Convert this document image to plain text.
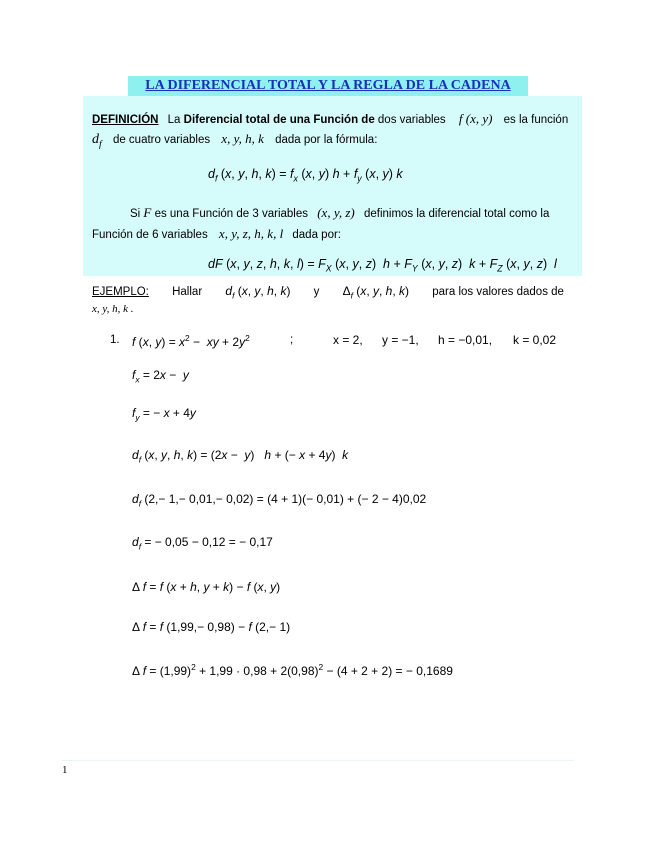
LA DIFERENCIAL TOTAL Y LA REGLA DE LA CADENA
DEFINICIÓN La Diferencial total de una Función de dos variables f (x, y) es la función
$d_f$ de cuatro variables x, y, h, k dada por la fórmula:
$d_f$ (x, y, h, $k) = f_x$ (x, y) $h + f_y$ (x, y) k
Si F es una Función de 3 variables (x, y, z) definimos la diferencial total como la
Función de 6 variables x, y, z, h, k, l dada por:
dF (x, y, z, h, k, $l) = F_X$ (x, y, z)  $h + F_Y$ (x, y, z)  $k + F_Z$ (x, y, z)  l
EJEMPLO: Hallar $d_f$ (x, y, h, k) y $\Delta_f$ (x, y, h, k) para los valores dados de
x, y, h, k .
1. f (x, $y) = x^2$ −  xy + $2y^2$	;	x = 2, y = −1, h = −0,01, k = 0,02
$f_x = 2x - y$
$f_y$ = − x + 4y
$d_f$ (x, y, h, k) = (2x −  y)   h + (− x + 4y)  k
$d_f$ (2,− 1,− 0,01,− 0,02) = (4 + 1)(− 0,01) + (− 2 − 4)0,02
$d_f$ = − 0,05 − 0,12 = − 0,17
Δ f = f (x + h, y + k) − f (x, y)
Δ f = f (1,99,− 0,98) − f (2,− 1)
Δ $f = (1,99)^2 + 1,99 \cdot 0,98 + 2(0,98)^2 - (4 + 2 + 2)$ = − 0,1689
1
